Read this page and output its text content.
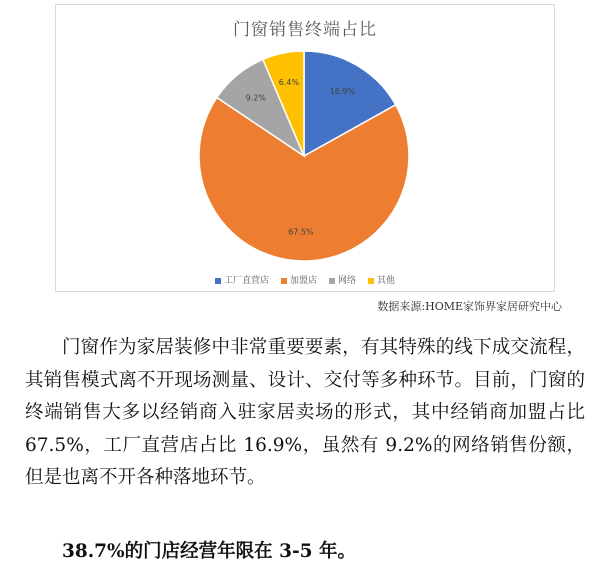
门窗销售终端占比
16.9%
67.5%
9.2%
6.4%
工厂直营店 加盟店 网络 其他
数据来源:HOME家饰界家居研究中心

门窗作为家居装修中非常重要要素，有其特殊的线下成交流程，其销售模式离不开现场测量、设计、交付等多种环节。目前，门窗的终端销售大多以经销商入驻家居卖场的形式，其中经销商加盟占比 67.5%，工厂直营店占比 16.9%，虽然有 9.2%的网络销售份额，但是也离不开各种落地环节。

38.7%的门店经营年限在 3-5 年。
